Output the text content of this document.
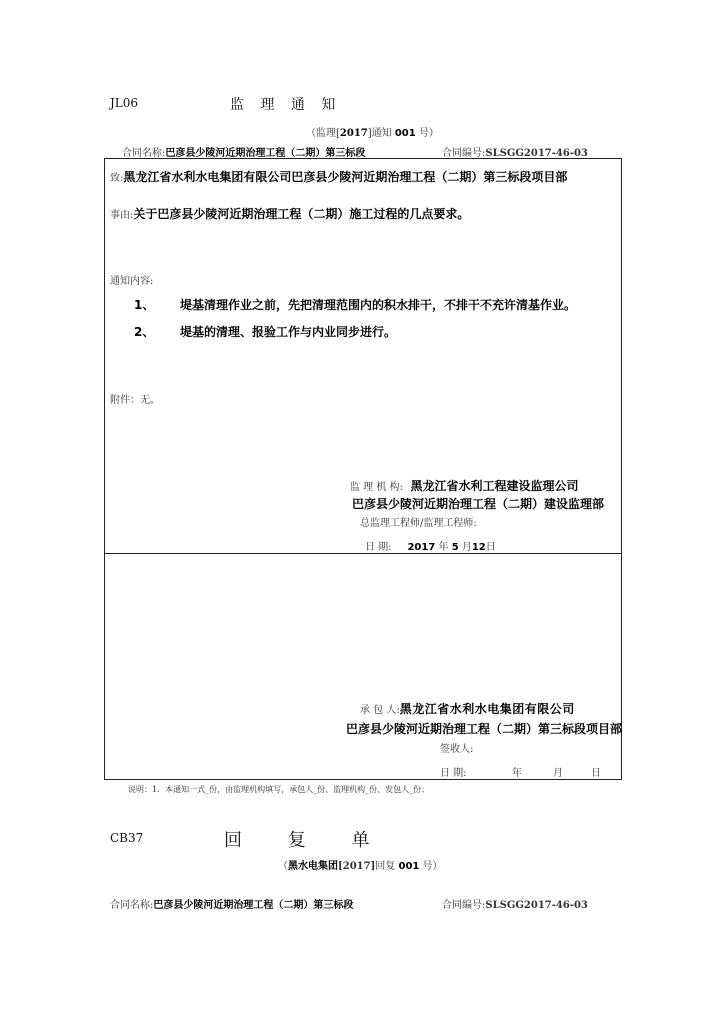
JL06	监 理 通 知
（监理[2017]通知 001 号）
合同名称:巴彦县少陵河近期治理工程（二期）第三标段	合同编号:SLSGG2017-46-03
致:黑龙江省水利水电集团有限公司巴彦县少陵河近期治理工程（二期）第三标段项目部
事由:关于巴彦县少陵河近期治理工程（二期）施工过程的几点要求。
通知内容:
1、 堤基清理作业之前，先把清理范围内的积水排干，不排干不充许清基作业。
2、 堤基的清理、报验工作与内业同步进行。
附件：无。
监 理 机 构: 黑龙江省水利工程建设监理公司
巴彦县少陵河近期治理工程（二期）建设监理部
总监理工程师/监理工程师:
日 期: 2017 年 5 月12日
承 包 人:黑龙江省水利水电集团有限公司
巴彦县少陵河近期治理工程（二期）第三标段项目部
签收人:
日 期:	年	月	日
说明：1．本通知一式_份，由监理机构填写，承包人_份、监理机构_份、发包人_份；
CB37	回 复 单
（黑水电集团[2017]回复 001 号）
合同名称:巴彦县少陵河近期治理工程（二期）第三标段	合同编号:SLSGG2017-46-03
